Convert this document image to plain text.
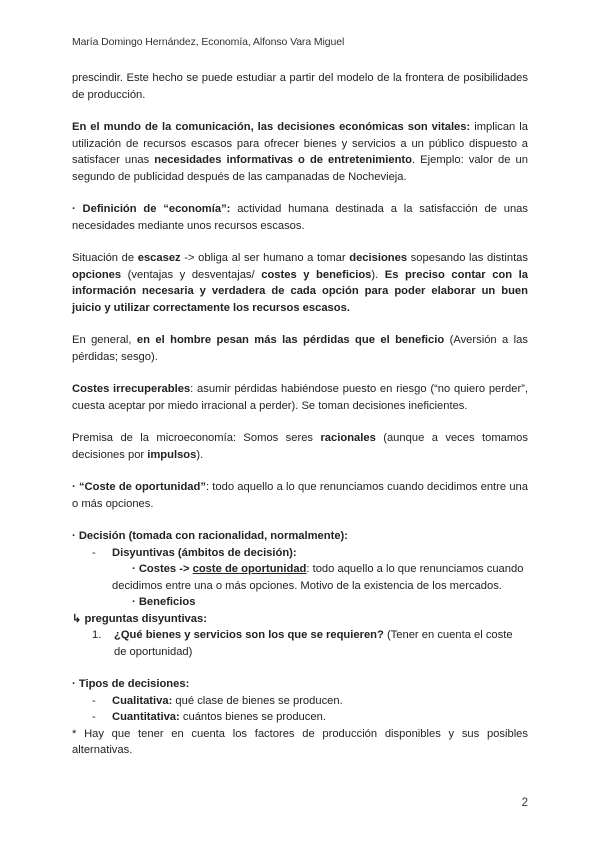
María Domingo Hernández, Economía, Alfonso Vara Miguel

prescindir. Este hecho se puede estudiar a partir del modelo de la frontera de posibilidades de producción.

En el mundo de la comunicación, las decisiones económicas son vitales: implican la utilización de recursos escasos para ofrecer bienes y servicios a un público dispuesto a satisfacer unas necesidades informativas o de entretenimiento. Ejemplo: valor de un segundo de publicidad después de las campanadas de Nochevieja.

· Definición de “economía”: actividad humana destinada a la satisfacción de unas necesidades mediante unos recursos escasos.

Situación de escasez -> obliga al ser humano a tomar decisiones sopesando las distintas opciones (ventajas y desventajas/ costes y beneficios). Es preciso contar con la información necesaria y verdadera de cada opción para poder elaborar un buen juicio y utilizar correctamente los recursos escasos.

En general, en el hombre pesan más las pérdidas que el beneficio (Aversión a las pérdidas; sesgo).

Costes irrecuperables: asumir pérdidas habiéndose puesto en riesgo (“no quiero perder”, cuesta aceptar por miedo irracional a perder). Se toman decisiones ineficientes.

Premisa de la microeconomía: Somos seres racionales (aunque a veces tomamos decisiones por impulsos).

· “Coste de oportunidad”: todo aquello a lo que renunciamos cuando decidimos entre una o más opciones.

· Decisión (tomada con racionalidad, normalmente):

-	Disyuntivas (ámbitos de decisión):

· Costes -> coste de oportunidad: todo aquello a lo que renunciamos cuando decidimos entre una o más opciones. Motivo de la existencia de los mercados.

· Beneficios

↳ preguntas disyuntivas:

1.	¿Qué bienes y servicios son los que se requieren? (Tener en cuenta el coste de oportunidad)

· Tipos de decisiones:

-	Cualitativa: qué clase de bienes se producen.
-	Cuantitativa: cuántos bienes se producen.

* Hay que tener en cuenta los factores de producción disponibles y sus posibles alternativas.

2
